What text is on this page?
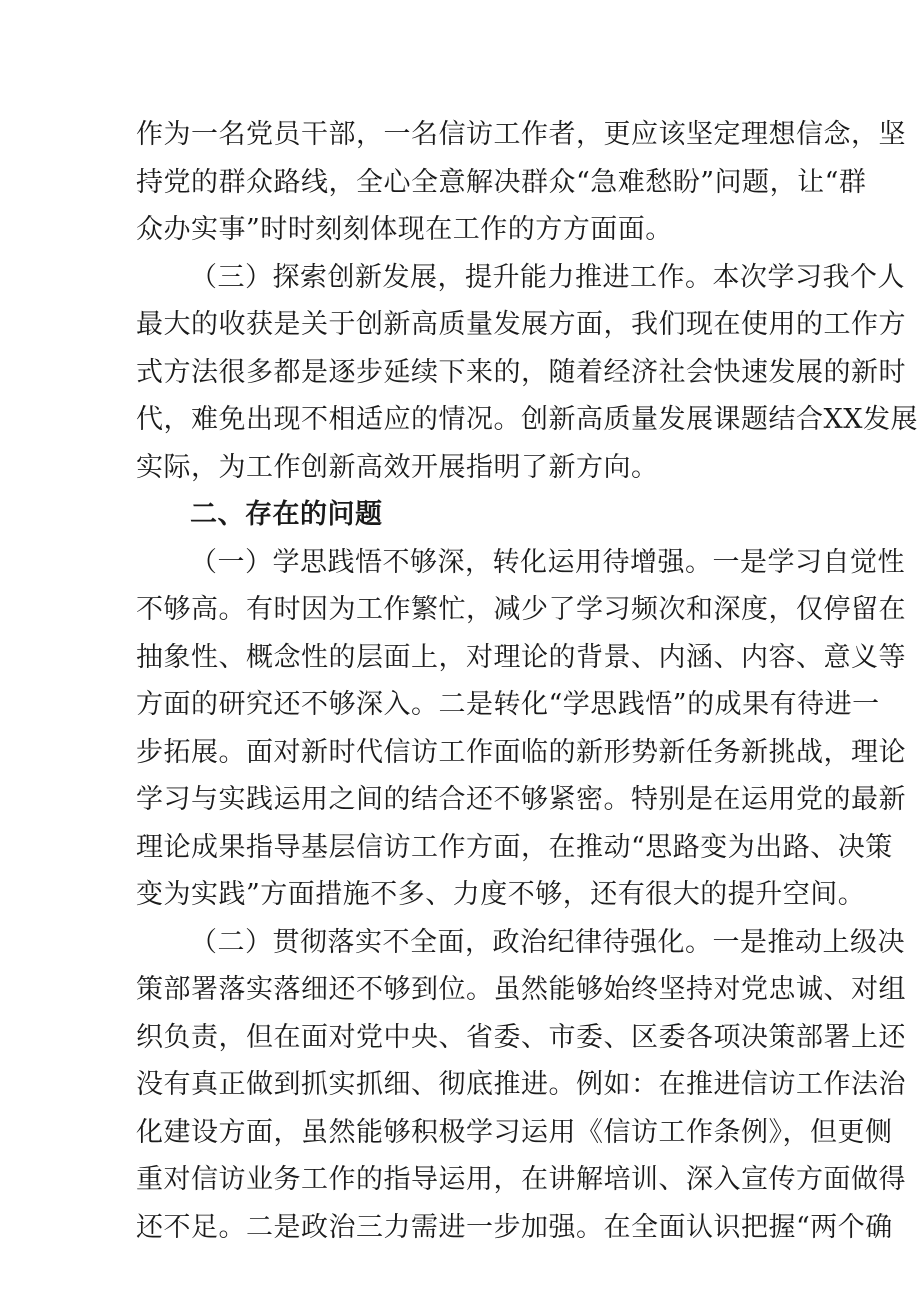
作为一名党员干部，一名信访工作者，更应该坚定理想信念，坚
持党的群众路线，全心全意解决群众“急难愁盼”问题，让“群
众办实事”时时刻刻体现在工作的方方面面。
（三）探索创新发展，提升能力推进工作。本次学习我个人
最大的收获是关于创新高质量发展方面，我们现在使用的工作方
式方法很多都是逐步延续下来的，随着经济社会快速发展的新时
代，难免出现不相适应的情况。创新高质量发展课题结合XX发展
实际，为工作创新高效开展指明了新方向。
二、存在的问题
（一）学思践悟不够深，转化运用待增强。一是学习自觉性
不够高。有时因为工作繁忙，减少了学习频次和深度，仅停留在
抽象性、概念性的层面上，对理论的背景、内涵、内容、意义等
方面的研究还不够深入。二是转化“学思践悟”的成果有待进一
步拓展。面对新时代信访工作面临的新形势新任务新挑战，理论
学习与实践运用之间的结合还不够紧密。特别是在运用党的最新
理论成果指导基层信访工作方面，在推动“思路变为出路、决策
变为实践”方面措施不多、力度不够，还有很大的提升空间。
（二）贯彻落实不全面，政治纪律待强化。一是推动上级决
策部署落实落细还不够到位。虽然能够始终坚持对党忠诚、对组
织负责，但在面对党中央、省委、市委、区委各项决策部署上还
没有真正做到抓实抓细、彻底推进。例如：在推进信访工作法治
化建设方面，虽然能够积极学习运用《信访工作条例》，但更侧
重对信访业务工作的指导运用，在讲解培训、深入宣传方面做得
还不足。二是政治三力需进一步加强。在全面认识把握“两个确
